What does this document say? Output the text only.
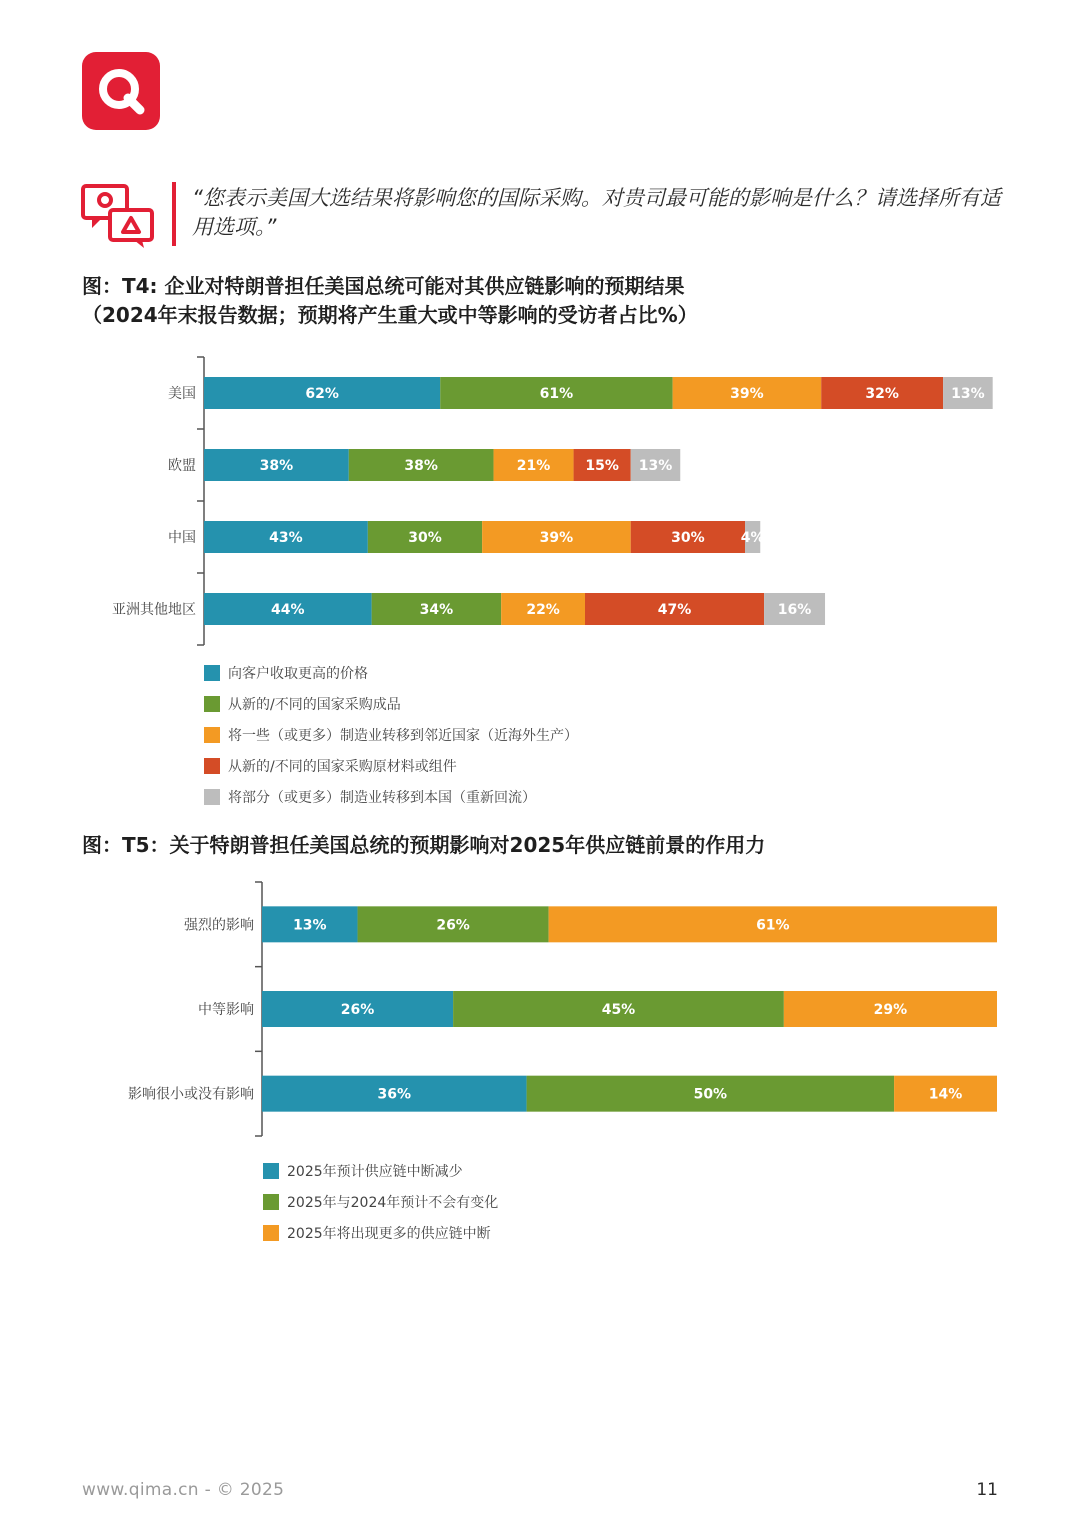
“您表示美国大选结果将影响您的国际采购。对贵司最可能的影响是什么？请选择所有适用选项。”
图：T4: 企业对特朗普担任美国总统可能对其供应链影响的预期结果
（2024年末报告数据；预期将产生重大或中等影响的受访者占比%）
美国	62%	61%	39%	32%	13%
欧盟	38%	38%	21%	15% 13%
中国	43%	30%	39%	30%	4%
亚洲其他地区	44%	34%	22%	47%	16%
向客户收取更高的价格
从新的/不同的国家采购成品
将一些（或更多）制造业转移到邻近国家（近海外生产）
从新的/不同的国家采购原材料或组件
将部分（或更多）制造业转移到本国（重新回流）
图：T5：关于特朗普担任美国总统的预期影响对2025年供应链前景的作用力
强烈的影响	13%	26%	61%
中等影响	26%	45%	29%
影响很小或没有影响	36%	50%	14%
2025年预计供应链中断减少
2025年与2024年预计不会有变化
2025年将出现更多的供应链中断
www.qima.cn - © 2025	11
